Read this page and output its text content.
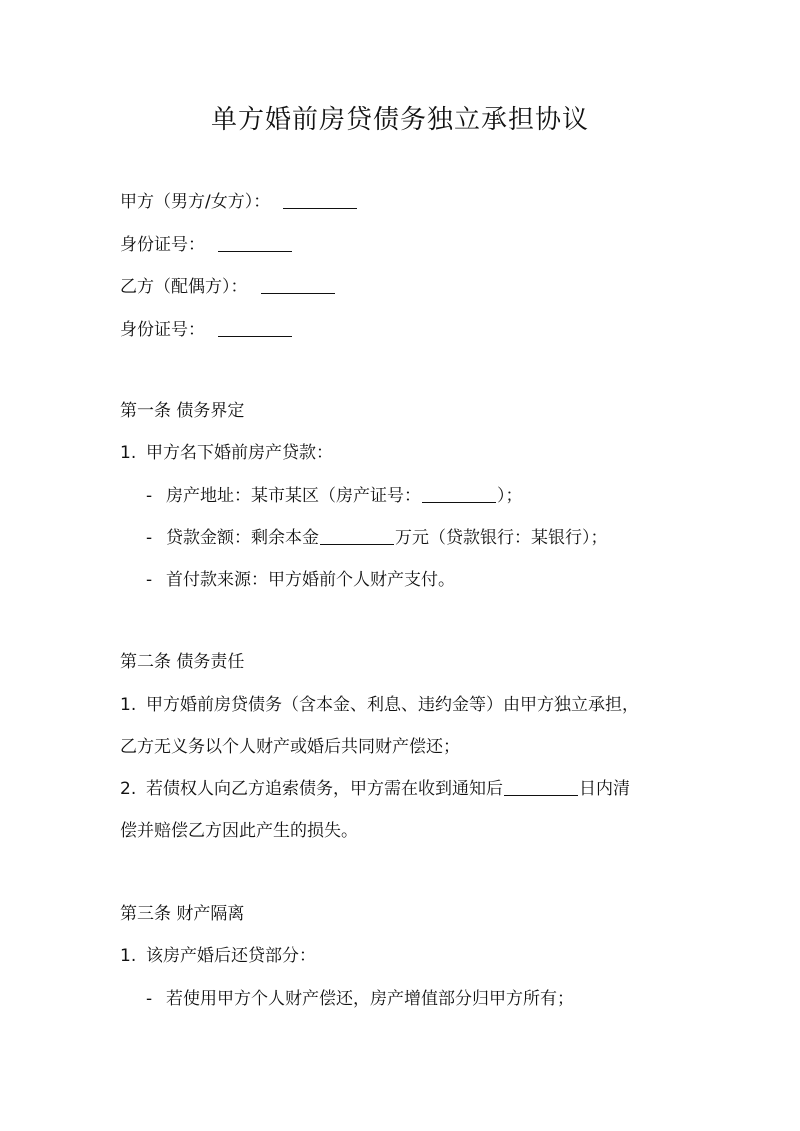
单方婚前房贷债务独立承担协议
甲方（男方/女方）：
身份证号：
乙方（配偶方）：
身份证号：
第一条 债务界定
1. 甲方名下婚前房产贷款：
- 房产地址：某市某区（房产证号：	）；
- 贷款金额：剩余本金	万元（贷款银行：某银行）；
- 首付款来源：甲方婚前个人财产支付。
第二条 债务责任
1. 甲方婚前房贷债务（含本金、利息、违约金等）由甲方独立承担，
乙方无义务以个人财产或婚后共同财产偿还；
2. 若债权人向乙方追索债务，甲方需在收到通知后	日内清
偿并赔偿乙方因此产生的损失。
第三条 财产隔离
1. 该房产婚后还贷部分：
- 若使用甲方个人财产偿还，房产增值部分归甲方所有；
